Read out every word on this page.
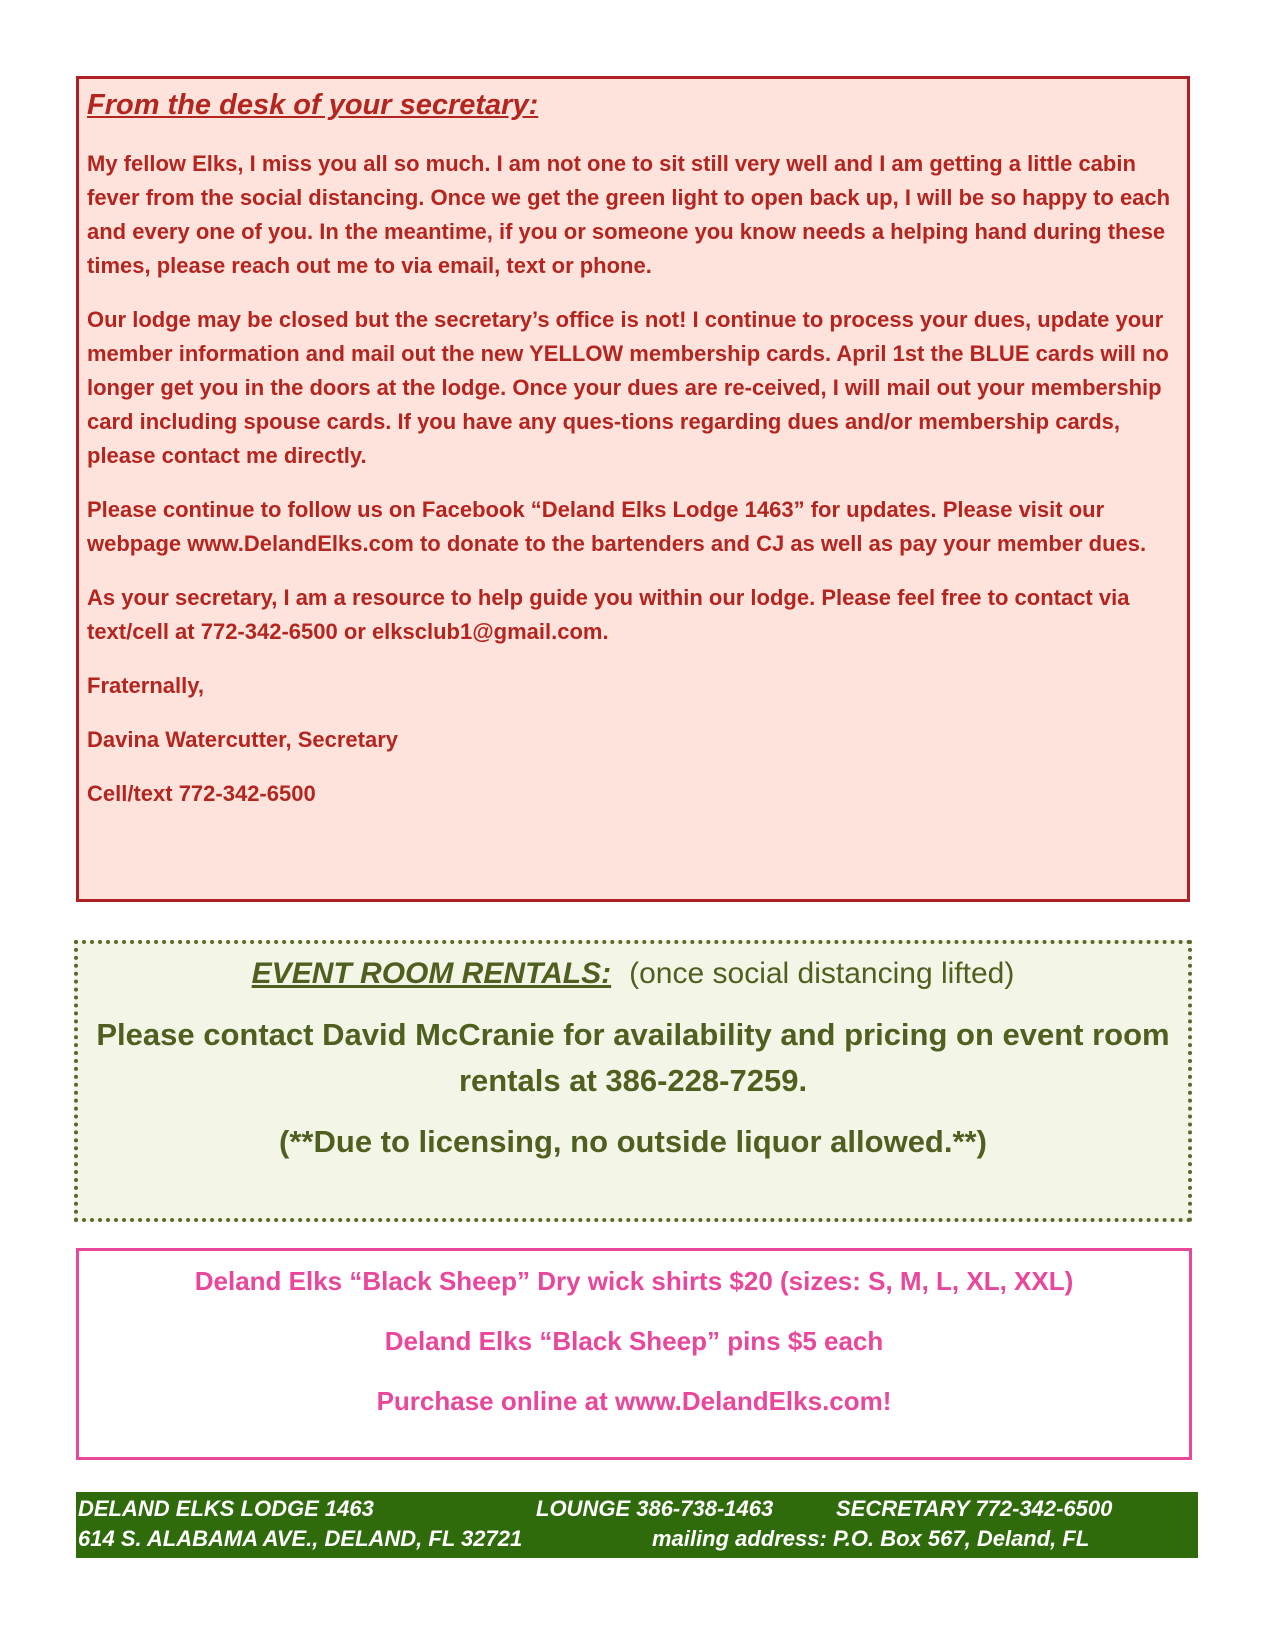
From the desk of your secretary:

My fellow Elks, I miss you all so much. I am not one to sit still very well and I am getting a little cabin fever from the social distancing. Once we get the green light to open back up, I will be so happy to each and every one of you. In the meantime, if you or someone you know needs a helping hand during these times, please reach out me to via email, text or phone.

Our lodge may be closed but the secretary’s office is not! I continue to process your dues, update your member information and mail out the new YELLOW membership cards. April 1st the BLUE cards will no longer get you in the doors at the lodge. Once your dues are re-ceived, I will mail out your membership card including spouse cards. If you have any ques-tions regarding dues and/or membership cards, please contact me directly.

Please continue to follow us on Facebook “Deland Elks Lodge 1463” for updates. Please visit our webpage www.DelandElks.com to donate to the bartenders and CJ as well as pay your member dues.

As your secretary, I am a resource to help guide you within our lodge. Please feel free to contact via text/cell at 772-342-6500 or elksclub1@gmail.com.

Fraternally,

Davina Watercutter, Secretary

Cell/text 772-342-6500

EVENT ROOM RENTALS: (once social distancing lifted)

Please contact David McCranie for availability and pricing on event room rentals at 386-228-7259.

(**Due to licensing, no outside liquor allowed.**)

Deland Elks “Black Sheep” Dry wick shirts $20 (sizes: S, M, L, XL, XXL)

Deland Elks “Black Sheep” pins $5 each

Purchase online at www.DelandElks.com!

DELAND ELKS LODGE 1463	LOUNGE 386-738-1463	SECRETARY 772-342-6500
614 S. ALABAMA AVE., DELAND, FL 32721	mailing address: P.O. Box 567, Deland, FL
